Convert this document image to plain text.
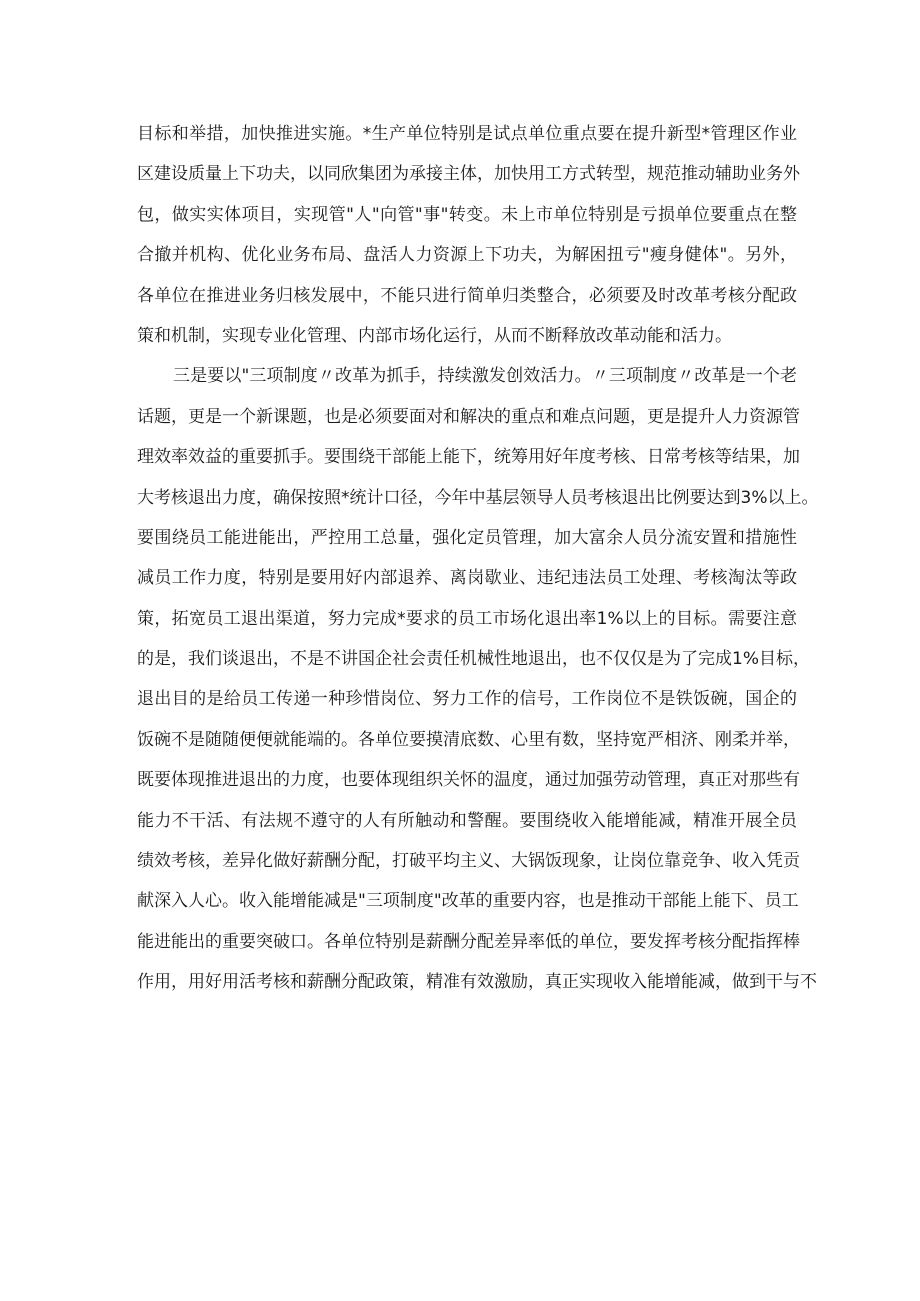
目标和举措，加快推进实施。*生产单位特别是试点单位重点要在提升新型*管理区作业
区建设质量上下功夫，以同欣集团为承接主体，加快用工方式转型，规范推动辅助业务外
包，做实实体项目，实现管"人"向管"事"转变。未上市单位特别是亏损单位要重点在整
合撤并机构、优化业务布局、盘活人力资源上下功夫，为解困扭亏"瘦身健体"。另外，
各单位在推进业务归核发展中，不能只进行简单归类整合，必须要及时改革考核分配政
策和机制，实现专业化管理、内部市场化运行，从而不断释放改革动能和活力。
三是要以"三项制度〃改革为抓手，持续激发创效活力。〃三项制度〃改革是一个老
话题，更是一个新课题，也是必须要面对和解决的重点和难点问题，更是提升人力资源管
理效率效益的重要抓手。要围绕干部能上能下，统筹用好年度考核、日常考核等结果，加
大考核退出力度，确保按照*统计口径，今年中基层领导人员考核退出比例要达到3%以上。
要围绕员工能进能出，严控用工总量，强化定员管理，加大富余人员分流安置和措施性
减员工作力度，特别是要用好内部退养、离岗歇业、违纪违法员工处理、考核淘汰等政
策，拓宽员工退出渠道，努力完成*要求的员工市场化退出率1%以上的目标。需要注意
的是，我们谈退出，不是不讲国企社会责任机械性地退出，也不仅仅是为了完成1%目标，
退出目的是给员工传递一种珍惜岗位、努力工作的信号，工作岗位不是铁饭碗，国企的
饭碗不是随随便便就能端的。各单位要摸清底数、心里有数，坚持宽严相济、刚柔并举，
既要体现推进退出的力度，也要体现组织关怀的温度，通过加强劳动管理，真正对那些有
能力不干活、有法规不遵守的人有所触动和警醒。要围绕收入能增能减，精准开展全员
绩效考核，差异化做好薪酬分配，打破平均主义、大锅饭现象，让岗位靠竞争、收入凭贡
献深入人心。收入能增能减是"三项制度"改革的重要内容，也是推动干部能上能下、员工
能进能出的重要突破口。各单位特别是薪酬分配差异率低的单位，要发挥考核分配指挥棒
作用，用好用活考核和薪酬分配政策，精准有效激励，真正实现收入能增能减，做到干与不
